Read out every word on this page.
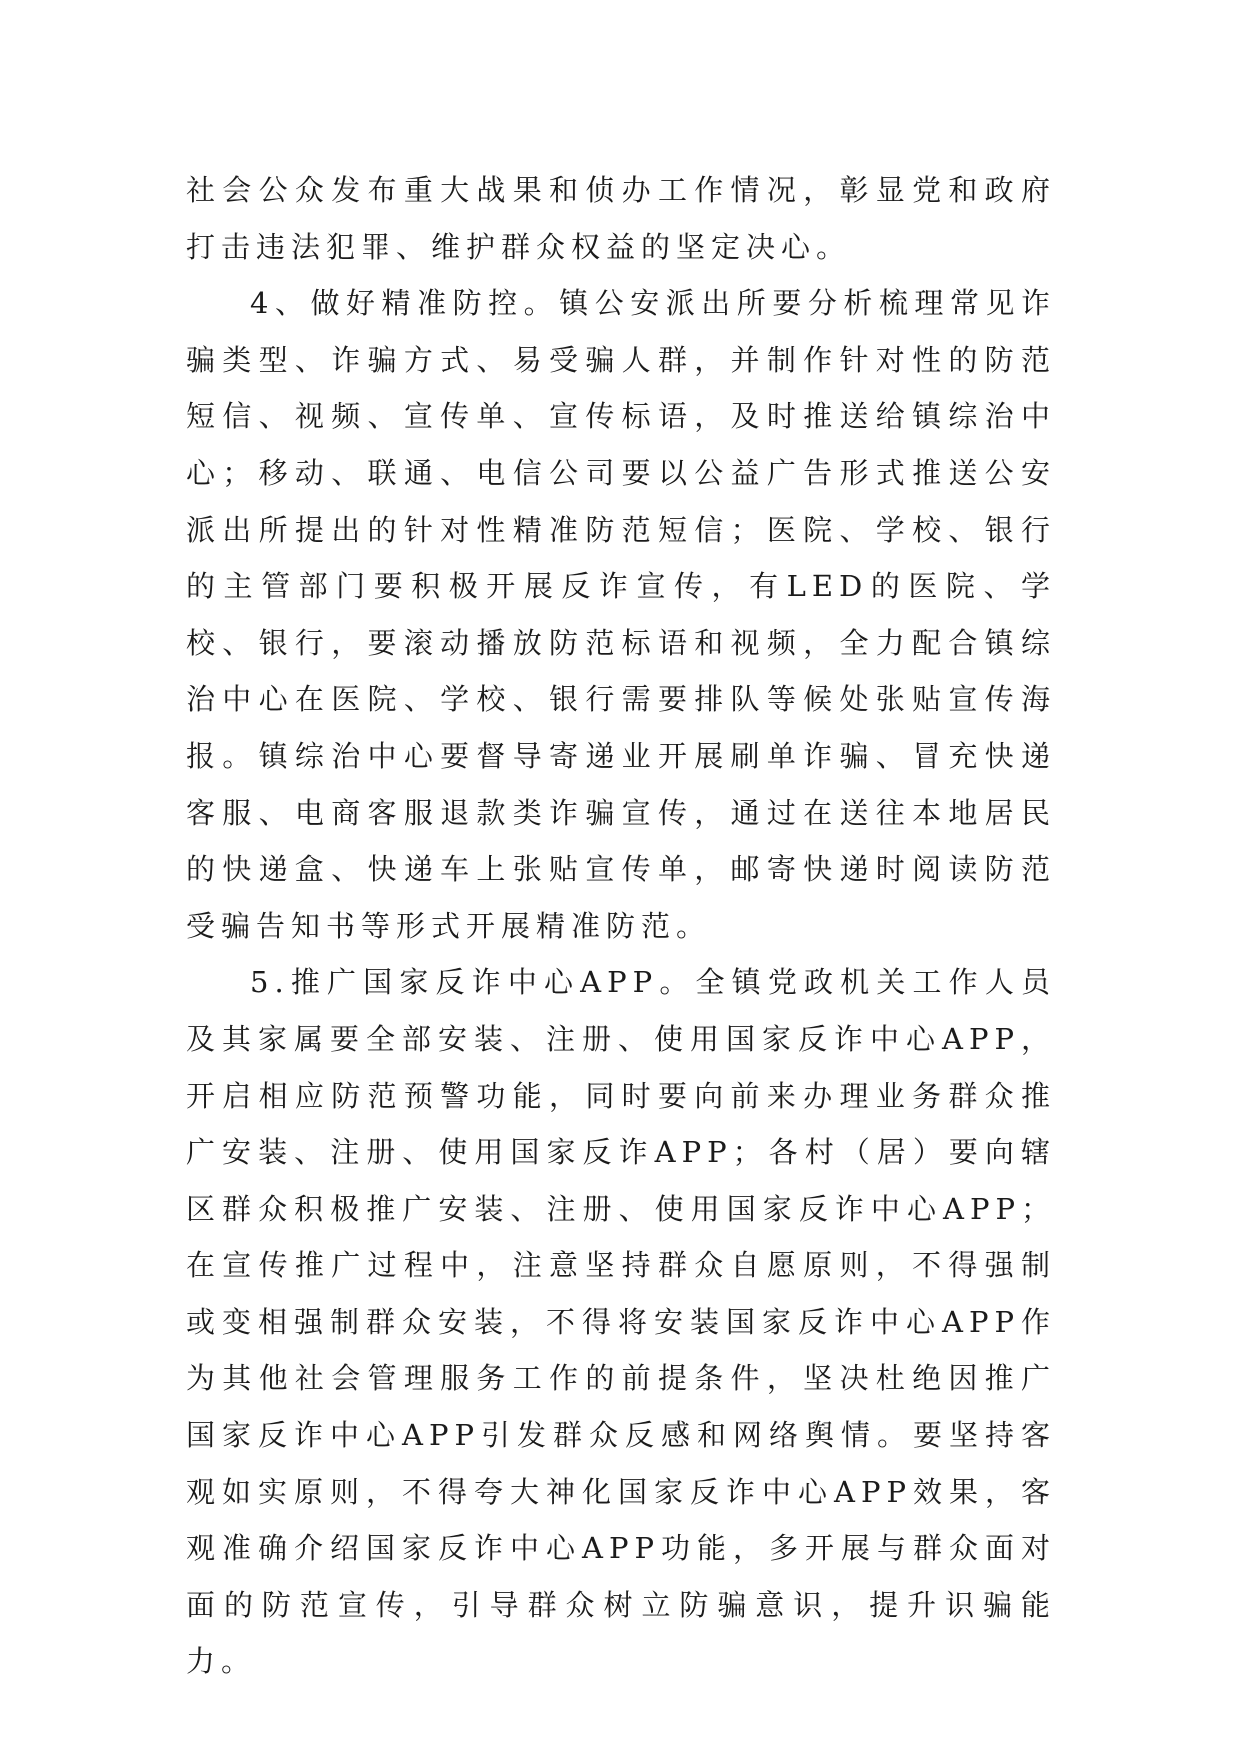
社会公众发布重大战果和侦办工作情况，彰显党和政府打击违法犯罪、维护群众权益的坚定决心。

4、做好精准防控。镇公安派出所要分析梳理常见诈骗类型、诈骗方式、易受骗人群，并制作针对性的防范短信、视频、宣传单、宣传标语，及时推送给镇综治中心；移动、联通、电信公司要以公益广告形式推送公安派出所提出的针对性精准防范短信；医院、学校、银行的主管部门要积极开展反诈宣传，有LED的医院、学校、银行，要滚动播放防范标语和视频，全力配合镇综治中心在医院、学校、银行需要排队等候处张贴宣传海报。镇综治中心要督导寄递业开展刷单诈骗、冒充快递客服、电商客服退款类诈骗宣传，通过在送往本地居民的快递盒、快递车上张贴宣传单，邮寄快递时阅读防范受骗告知书等形式开展精准防范。

5.推广国家反诈中心APP。全镇党政机关工作人员及其家属要全部安装、注册、使用国家反诈中心APP，开启相应防范预警功能，同时要向前来办理业务群众推广安装、注册、使用国家反诈APP；各村（居）要向辖区群众积极推广安装、注册、使用国家反诈中心APP；在宣传推广过程中，注意坚持群众自愿原则，不得强制或变相强制群众安装，不得将安装国家反诈中心APP作为其他社会管理服务工作的前提条件，坚决杜绝因推广国家反诈中心APP引发群众反感和网络舆情。要坚持客观如实原则，不得夸大神化国家反诈中心APP效果，客观准确介绍国家反诈中心APP功能，多开展与群众面对面的防范宣传，引导群众树立防骗意识，提升识骗能力。
